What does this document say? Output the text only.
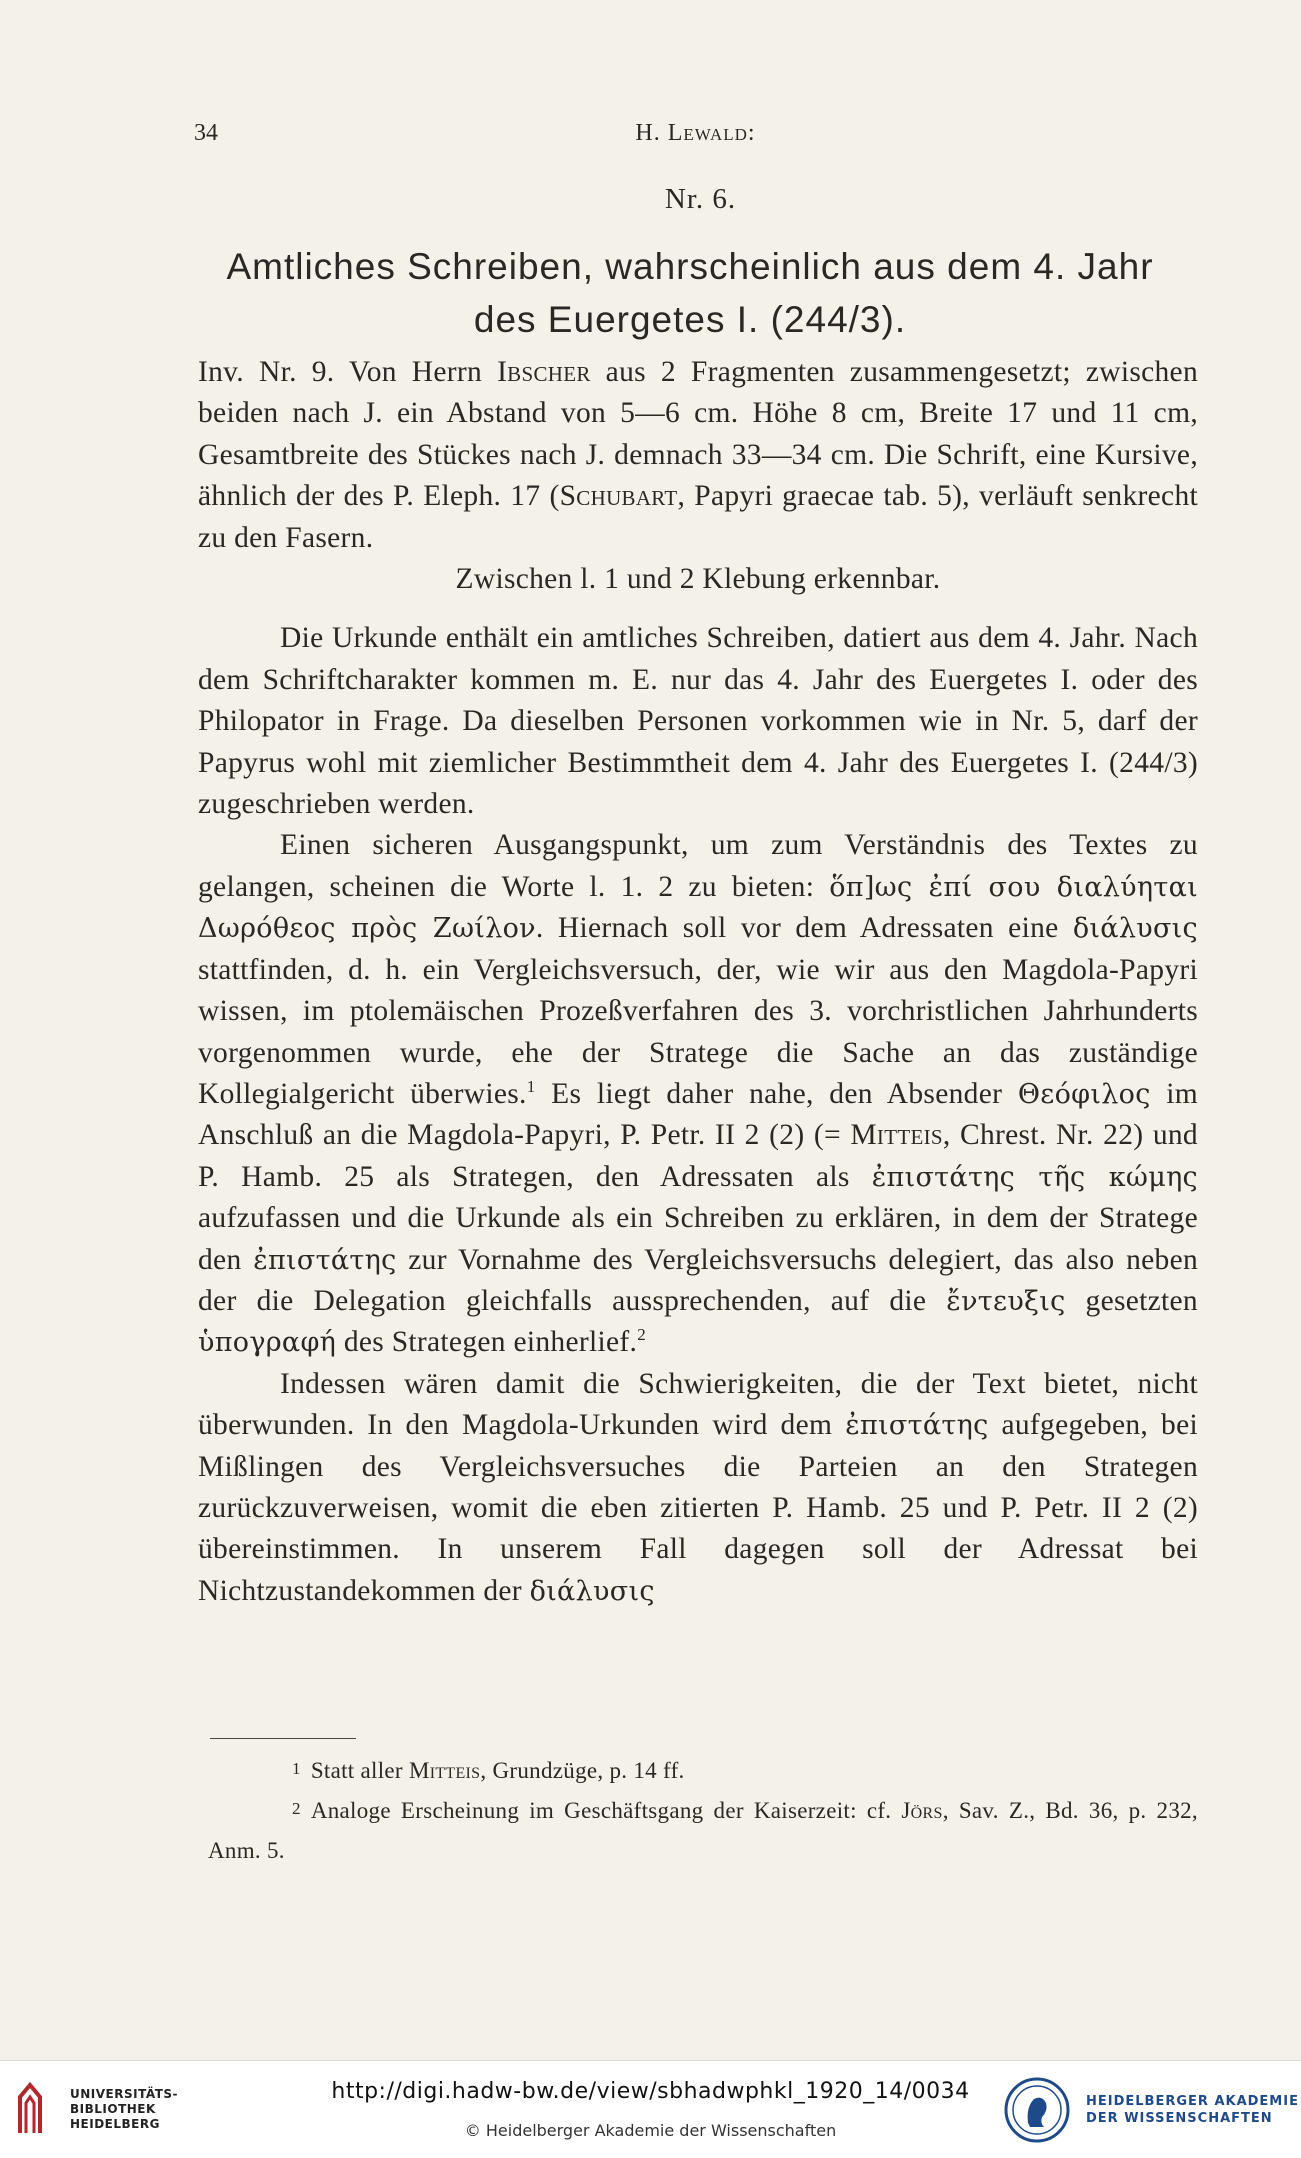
34	H. Lewald:
Nr. 6.
Amtliches Schreiben, wahrscheinlich aus dem 4. Jahr
des Euergetes I. (244/3).

Inv. Nr. 9. Von Herrn Ibscher aus 2 Fragmenten zusammengesetzt; zwischen beiden nach J. ein Abstand von 5—6 cm. Höhe 8 cm, Breite 17 und 11 cm, Gesamtbreite des Stückes nach J. demnach 33—34 cm. Die Schrift, eine Kursive, ähnlich der des P. Eleph. 17 (Schubart, Papyri graecae tab. 5), verläuft senkrecht zu den Fasern.
Zwischen l. 1 und 2 Klebung erkennbar.

Die Urkunde enthält ein amtliches Schreiben, datiert aus dem 4. Jahr. Nach dem Schriftcharakter kommen m. E. nur das 4. Jahr des Euergetes I. oder des Philopator in Frage. Da dieselben Personen vorkommen wie in Nr. 5, darf der Papyrus wohl mit ziemlicher Bestimmtheit dem 4. Jahr des Euergetes I. (244/3) zugeschrieben werden.

Einen sicheren Ausgangspunkt, um zum Verständnis des Textes zu gelangen, scheinen die Worte l. 1. 2 zu bieten: ὅπ]ως ἐπί σου διαλύηται Δωρόθεος πρὸς Ζωίλον. Hiernach soll vor dem Adressaten eine διάλυσις stattfinden, d. h. ein Vergleichsversuch, der, wie wir aus den Magdola-Papyri wissen, im ptolemäischen Prozeßverfahren des 3. vorchristlichen Jahrhunderts vorgenommen wurde, ehe der Stratege die Sache an das zuständige Kollegialgericht überwies.$^1$ Es liegt daher nahe, den Absender Θεόφιλος im Anschluß an die Magdola-Papyri, P. Petr. II 2 (2) (= Mitteis, Chrest. Nr. 22) und P. Hamb. 25 als Strategen, den Adressaten als ἐπιστάτης τῆς κώμης aufzufassen und die Urkunde als ein Schreiben zu erklären, in dem der Stratege den ἐπιστάτης zur Vornahme des Vergleichsversuchs delegiert, das also neben der die Delegation gleichfalls aussprechenden, auf die ἔντευξις gesetzten ὑπογραφή des Strategen einherlief.$^2$

Indessen wären damit die Schwierigkeiten, die der Text bietet, nicht überwunden. In den Magdola-Urkunden wird dem ἐπιστάτης aufgegeben, bei Mißlingen des Vergleichsversuches die Parteien an den Strategen zurückzuverweisen, womit die eben zitierten P. Hamb. 25 und P. Petr. II 2 (2) übereinstimmen. In unserem Fall dagegen soll der Adressat bei Nichtzustandekommen der διάλυσις

1 Statt aller Mitteis, Grundzüge, p. 14 ff.

2 Analoge Erscheinung im Geschäftsgang der Kaiserzeit: cf. Jörs, Sav. Z., Bd. 36, p. 232, Anm. 5.

UNIVERSITÄTS-
BIBLIOTHEK
HEIDELBERG
http://digi.hadw-bw.de/view/sbhadwphkl_1920_14/0034
© Heidelberger Akademie der Wissenschaften
HEIDELBERGER AKADEMIE
DER WISSENSCHAFTEN
